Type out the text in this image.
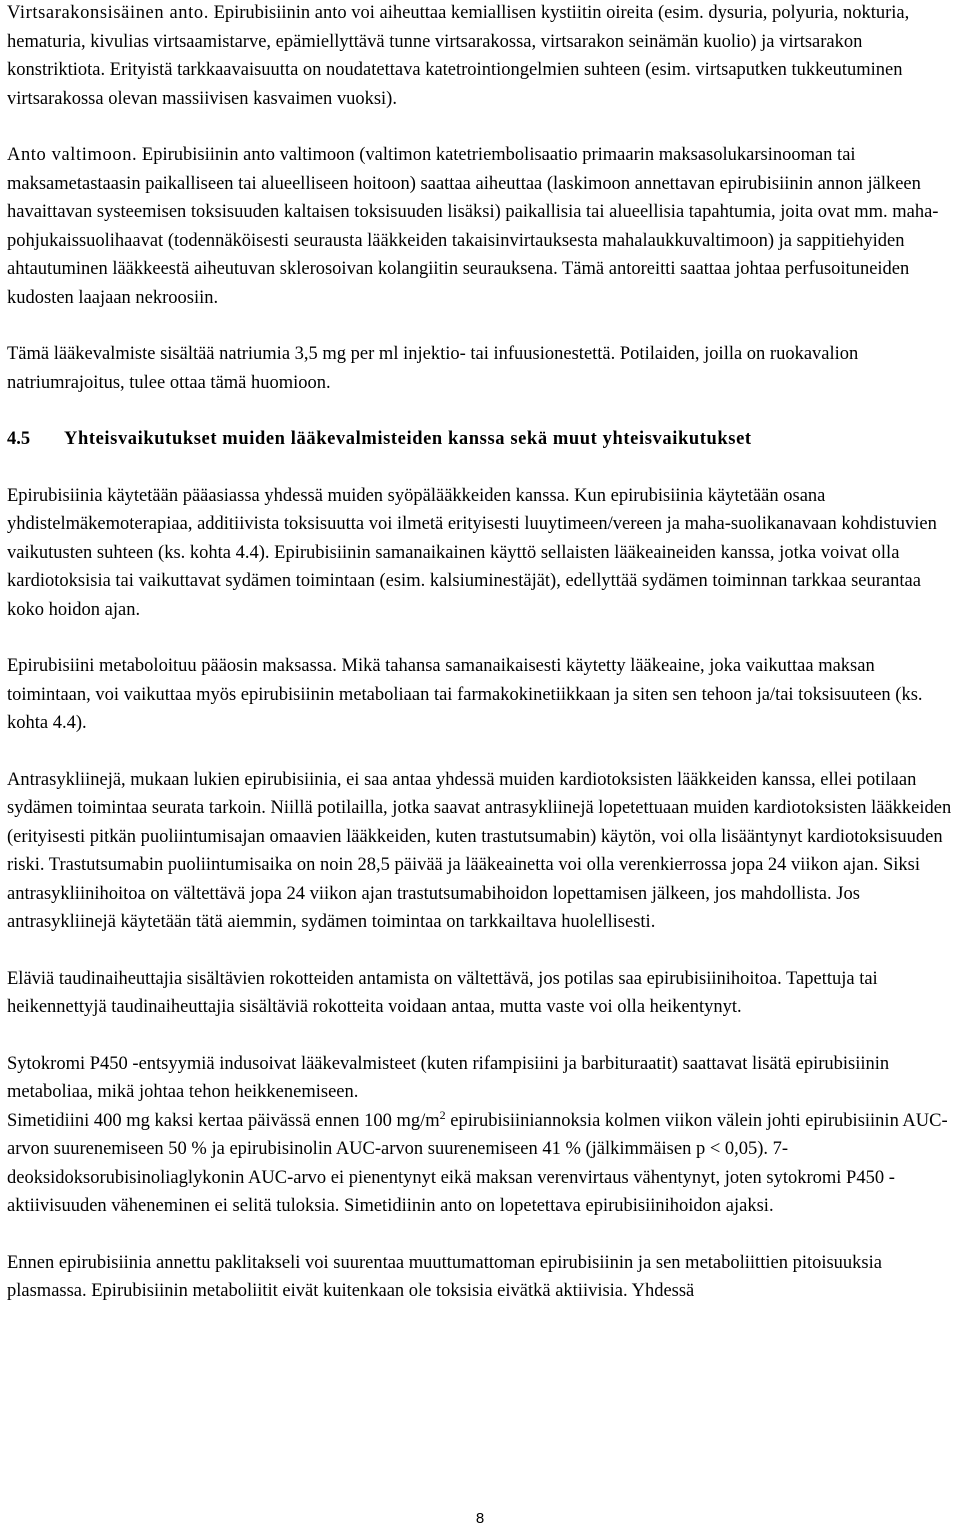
Virtsarakonsisäinen anto. Epirubisiinin anto voi aiheuttaa kemiallisen kystiitin oireita (esim. dysuria, polyuria, nokturia, hematuria, kivulias virtsaamistarve, epämiellyttävä tunne virtsarakossa, virtsarakon seinämän kuolio) ja virtsarakon konstriktiota. Erityistä tarkkaavaisuutta on noudatettava katetrointiongelmien suhteen (esim. virtsaputken tukkeutuminen virtsarakossa olevan massiivisen kasvaimen vuoksi).

Anto valtimoon. Epirubisiinin anto valtimoon (valtimon katetriembolisaatio primaarin maksasolukarsinooman tai maksametastaasin paikalliseen tai alueelliseen hoitoon) saattaa aiheuttaa (laskimoon annettavan epirubisiinin annon jälkeen havaittavan systeemisen toksisuuden kaltaisen toksisuuden lisäksi) paikallisia tai alueellisia tapahtumia, joita ovat mm. maha-pohjukaissuolihaavat (todennäköisesti seurausta lääkkeiden takaisinvirtauksesta mahalaukkuvaltimoon) ja sappitiehyiden ahtautuminen lääkkeestä aiheutuvan sklerosoivan kolangiitin seurauksena. Tämä antoreitti saattaa johtaa perfusoituneiden kudosten laajaan nekroosiin.

Tämä lääkevalmiste sisältää natriumia 3,5 mg per ml injektio- tai infuusionestettä. Potilaiden, joilla on ruokavalion natriumrajoitus, tulee ottaa tämä huomioon.

4.5	Yhteisvaikutukset muiden lääkevalmisteiden kanssa sekä muut yhteisvaikutukset

Epirubisiinia käytetään pääasiassa yhdessä muiden syöpälääkkeiden kanssa. Kun epirubisiinia käytetään osana yhdistelmäkemoterapiaa, additiivista toksisuutta voi ilmetä erityisesti luuytimeen/vereen ja maha-suolikanavaan kohdistuvien vaikutusten suhteen (ks. kohta 4.4). Epirubisiinin samanaikainen käyttö sellaisten lääkeaineiden kanssa, jotka voivat olla kardiotoksisia tai vaikuttavat sydämen toimintaan (esim. kalsiuminestäjät), edellyttää sydämen toiminnan tarkkaa seurantaa koko hoidon ajan.

Epirubisiini metaboloituu pääosin maksassa. Mikä tahansa samanaikaisesti käytetty lääkeaine, joka vaikuttaa maksan toimintaan, voi vaikuttaa myös epirubisiinin metaboliaan tai farmakokinetiikkaan ja siten sen tehoon ja/tai toksisuuteen (ks. kohta 4.4).

Antrasykliinejä, mukaan lukien epirubisiinia, ei saa antaa yhdessä muiden kardiotoksisten lääkkeiden kanssa, ellei potilaan sydämen toimintaa seurata tarkoin. Niillä potilailla, jotka saavat antrasykliinejä lopetettuaan muiden kardiotoksisten lääkkeiden (erityisesti pitkän puoliintumisajan omaavien lääkkeiden, kuten trastutsumabin) käytön, voi olla lisääntynyt kardiotoksisuuden riski. Trastutsumabin puoliintumisaika on noin 28,5 päivää ja lääkeainetta voi olla verenkierrossa jopa 24 viikon ajan. Siksi antrasykliinihoitoa on vältettävä jopa 24 viikon ajan trastutsumabihoidon lopettamisen jälkeen, jos mahdollista. Jos antrasykliinejä käytetään tätä aiemmin, sydämen toimintaa on tarkkailtava huolellisesti.

Eläviä taudinaiheuttajia sisältävien rokotteiden antamista on vältettävä, jos potilas saa epirubisiinihoitoa. Tapettuja tai heikennettyjä taudinaiheuttajia sisältäviä rokotteita voidaan antaa, mutta vaste voi olla heikentynyt.

Sytokromi P450 -entsyymiä indusoivat lääkevalmisteet (kuten rifampisiini ja barbituraatit) saattavat lisätä epirubisiinin metaboliaa, mikä johtaa tehon heikkenemiseen.

Simetidiini 400 mg kaksi kertaa päivässä ennen 100 $mg/m^2$ epirubisiiniannoksia kolmen viikon välein johti epirubisiinin AUC-arvon suurenemiseen 50 % ja epirubisinolin AUC-arvon suurenemiseen 41 % (jälkimmäisen p < 0,05). 7-deoksidoksorubisinoliaglykonin AUC-arvo ei pienentynyt eikä maksan verenvirtaus vähentynyt, joten sytokromi P450 -aktiivisuuden väheneminen ei selitä tuloksia. Simetidiinin anto on lopetettava epirubisiinihoidon ajaksi.

Ennen epirubisiinia annettu paklitakseli voi suurentaa muuttumattoman epirubisiinin ja sen metaboliittien pitoisuuksia plasmassa. Epirubisiinin metaboliitit eivät kuitenkaan ole toksisia eivätkä aktiivisia. Yhdessä

8
